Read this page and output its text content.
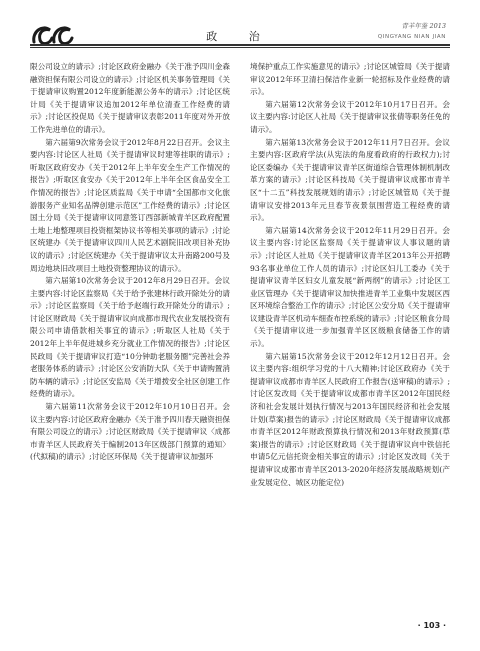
政 治
青羊年鉴 2013
QINGYANG NIAN JIAN

限公司设立的请示》;讨论区政府金融办《关于准予四川金森融资担保有限公司设立的请示》;讨论区机关事务管理局《关于提请审议购置2012年度新能源公务车的请示》;讨论区统计局《关于提请审议追加2012年单位清查工作经费的请示》;讨论区投促局《关于提请审议表彰2011年度对外开放工作先进单位的请示》。

第六届第9次常务会议于2012年8月22日召开。会议主要内容:讨论区人社局《关于提请审议时建等挂职的请示》;听取区政府安办《关于2012年上半年安全生产工作情况的报告》;听取区食安办《关于2012年上半年全区食品安全工作情况的报告》;讨论区质监局《关于申请“全国都市文化旅游服务产业知名品牌创建示范区”工作经费的请示》;讨论区国土分局《关于提请审议同意签订西部新城青羊区政府配置土地上地整理项目投资框架协议书等相关事项的请示》;讨论区统建办《关于提请审议四川人民艺术剧院旧改项目补充协议的请示》;讨论区统建办《关于提请审议太升南路200号及周边地块旧改项目土地投资整理协议的请示》。

第六届第10次常务会议于2012年8月29日召开。会议主要内容:讨论区监察局《关于给予张建林行政开除处分的请示》;讨论区监察局《关于给予赵端行政开除处分的请示》;讨论区财政局《关于提请审议向成都市现代农业发展投资有限公司申请借款相关事宜的请示》;听取区人社局《关于2012年上半年促进城乡充分就业工作情况的报告》;讨论区民政局《关于提请审议打造“10分钟助老服务圈”完善社会养老服务体系的请示》;讨论区公安消防大队《关于申请购置消防车辆的请示》;讨论区安监局《关于增拨安全社区创建工作经费的请示》。

第六届第11次常务会议于2012年10月10日召开。会议主要内容:讨论区政府金融办《关于准予四川春天融资担保有限公司设立的请示》;讨论区财政局《关于提请审议〈成都市青羊区人民政府关于编制2013年区级部门预算的通知〉(代拟稿)的请示》;讨论区环保局《关于提请审议加强环

境保护重点工作实施意见的请示》;讨论区城管局《关于提请审议2012年环卫清扫保洁作业新一轮招标及作业经费的请示》。

第六届第12次常务会议于2012年10月17日召开。会议主要内容:讨论区人社局《关于提请审议张倩等职务任免的请示》。

第六届第13次常务会议于2012年11月7日召开。会议主要内容:区政府学法(从宪法的角度看政府的行政权力);讨论区委编办《关于提请审议青羊区街道综合管理体制机制改革方案的请示》;讨论区科技局《关于提请审议成都市青羊区“十二五”科技发展规划的请示》;讨论区城管局《关于提请审议安排2013年元旦春节夜景氛围营造工程经费的请示》。

第六届第14次常务会议于2012年11月29日召开。会议主要内容:讨论区监察局《关于提请审议人事议题的请示》;讨论区人社局《关于提请审议青羊区2013年公开招聘93名事业单位工作人员的请示》;讨论区妇儿工委办《关于提请审议青羊区妇女儿童发展“新两纲”的请示》;讨论区工业区管理办《关于提请审议加快推进青羊工业集中发展区西区环境综合整治工作的请示》;讨论区公安分局《关于提请审议建设青羊区机动车细查布控系统的请示》;讨论区粮食分局《关于提请审议进一步加强青羊区区级粮食储备工作的请示》。

第六届第15次常务会议于2012年12月12日召开。会议主要内容:组织学习党的十八大精神;讨论区政府办《关于提请审议成都市青羊区人民政府工作报告(送审稿)的请示》;讨论区发改局《关于提请审议成都市青羊区2012年国民经济和社会发展计划执行情况与2013年国民经济和社会发展计划(草案)报告的请示》;讨论区财政局《关于提请审议成都市青羊区2012年财政预算执行情况和2013年财政预算(草案)报告的请示》;讨论区财政局《关于提请审议向中铁信托申请5亿元信托资金相关事宜的请示》;讨论区发改局《关于提请审议成都市青羊区2013-2020年经济发展战略规划(产业发展定位、城区功能定位)

· 103 ·
